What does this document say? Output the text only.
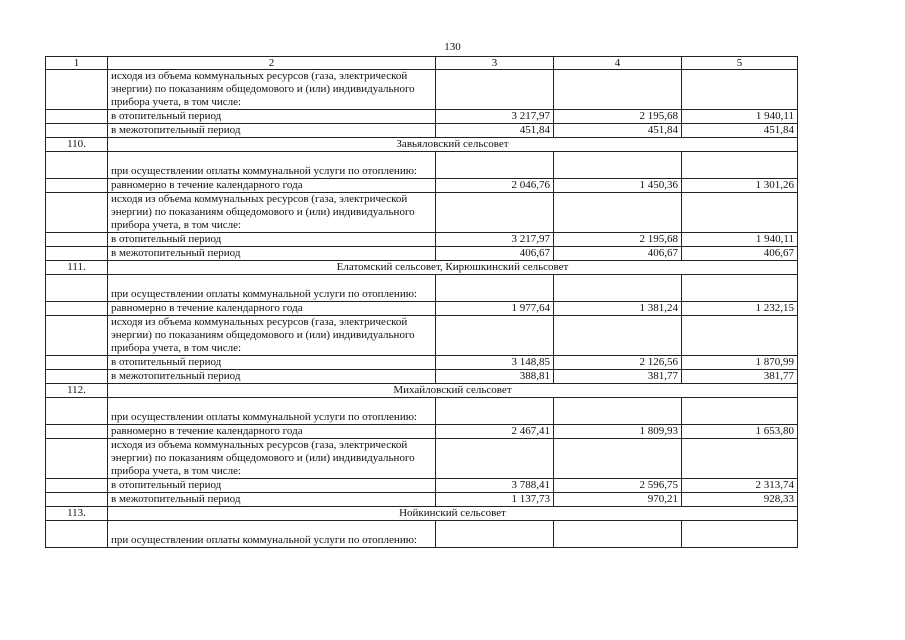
130
1	2	3	4	5
	исходя из объема коммунальных ресурсов (газа, электрической энергии) по показаниям общедомового и (или) индивидуального прибора учета, в том числе:			
	в отопительный период	3 217,97	2 195,68	1 940,11
	в межотопительный период	451,84	451,84	451,84
110.	Завьяловский сельсовет			
	при осуществлении оплаты коммунальной услуги по отоплению:			
	равномерно в течение календарного года	2 046,76	1 450,36	1 301,26
	исходя из объема коммунальных ресурсов (газа, электрической энергии) по показаниям общедомового и (или) индивидуального прибора учета, в том числе:			
	в отопительный период	3 217,97	2 195,68	1 940,11
	в межотопительный период	406,67	406,67	406,67
111.	Елатомский сельсовет, Кирюшкинский сельсовет			
	при осуществлении оплаты коммунальной услуги по отоплению:			
	равномерно в течение календарного года	1 977,64	1 381,24	1 232,15
	исходя из объема коммунальных ресурсов (газа, электрической энергии) по показаниям общедомового и (или) индивидуального прибора учета, в том числе:			
	в отопительный период	3 148,85	2 126,56	1 870,99
	в межотопительный период	388,81	381,77	381,77
112.	Михайловский сельсовет			
	при осуществлении оплаты коммунальной услуги по отоплению:			
	равномерно в течение календарного года	2 467,41	1 809,93	1 653,80
	исходя из объема коммунальных ресурсов (газа, электрической энергии) по показаниям общедомового и (или) индивидуального прибора учета, в том числе:			
	в отопительный период	3 788,41	2 596,75	2 313,74
	в межотопительный период	1 137,73	970,21	928,33
113.	Нойкинский сельсовет			
	при осуществлении оплаты коммунальной услуги по отоплению:			
